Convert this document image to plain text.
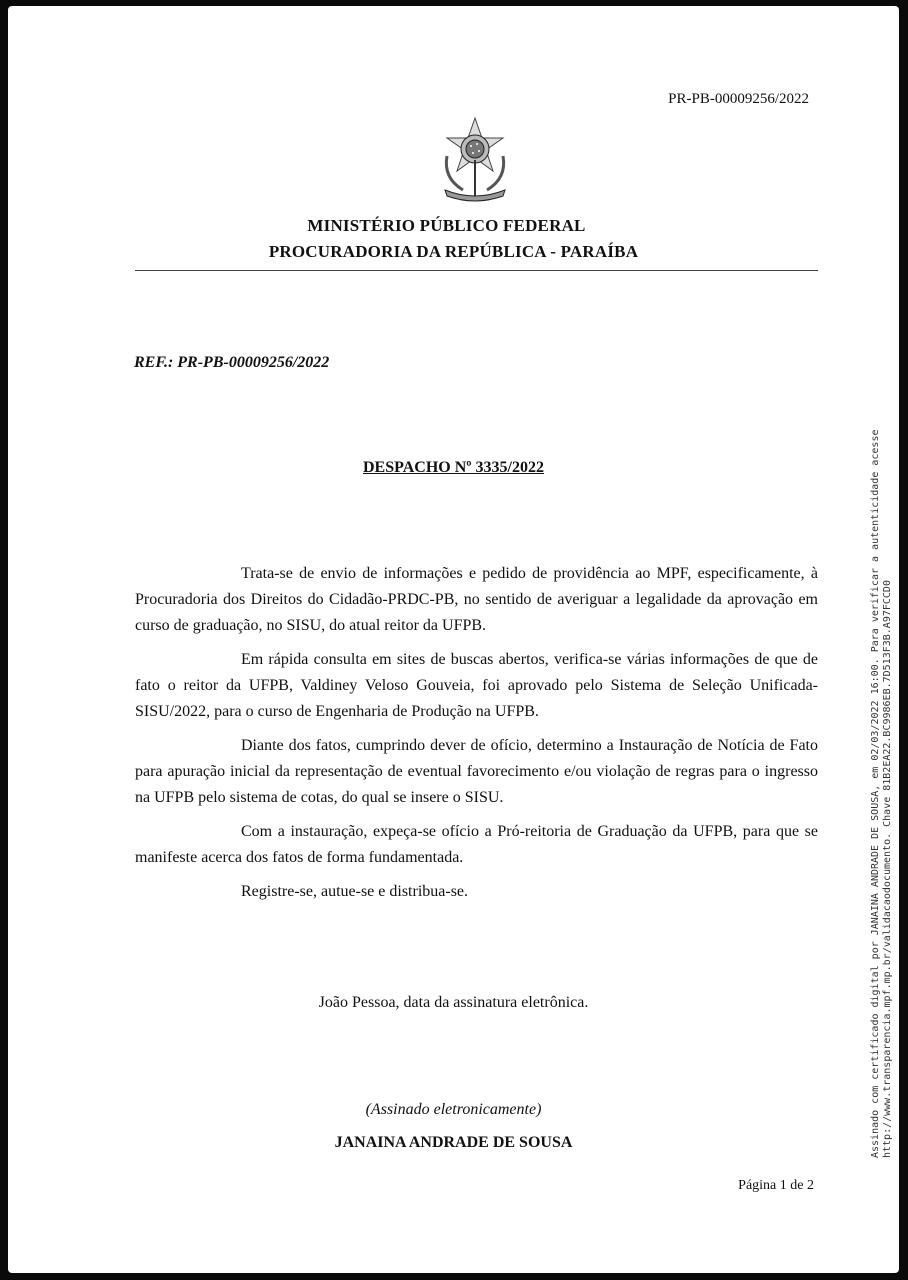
PR-PB-00009256/2022
MINISTÉRIO PÚBLICO FEDERAL
PROCURADORIA DA REPÚBLICA - PARAÍBA
REF.: PR-PB-00009256/2022
DESPACHO Nº 3335/2022

Trata-se de envio de informações e pedido de providência ao MPF, especificamente, à Procuradoria dos Direitos do Cidadão-PRDC-PB, no sentido de averiguar a legalidade da aprovação em curso de graduação, no SISU, do atual reitor da UFPB.

Em rápida consulta em sites de buscas abertos, verifica-se várias informações de que de fato o reitor da UFPB, Valdiney Veloso Gouveia, foi aprovado pelo Sistema de Seleção Unificada-SISU/2022, para o curso de Engenharia de Produção na UFPB.

Diante dos fatos, cumprindo dever de ofício, determino a Instauração de Notícia de Fato para apuração inicial da representação de eventual favorecimento e/ou violação de regras para o ingresso na UFPB pelo sistema de cotas, do qual se insere o SISU.

Com a instauração, expeça-se ofício a Pró-reitoria de Graduação da UFPB, para que se manifeste acerca dos fatos de forma fundamentada.

Registre-se, autue-se e distribua-se.

João Pessoa, data da assinatura eletrônica.
(Assinado eletronicamente)
JANAINA ANDRADE DE SOUSA
Página 1 de 2
Assinado com certificado digital por JANAINA ANDRADE DE SOUSA, em 02/03/2022 16:00. Para verificar a autenticidade acesse http://www.transparencia.mpf.mp.br/validacaodocumento. Chave 81B2EA22.BC9986EB.7D513F3B.A97FCCD0
